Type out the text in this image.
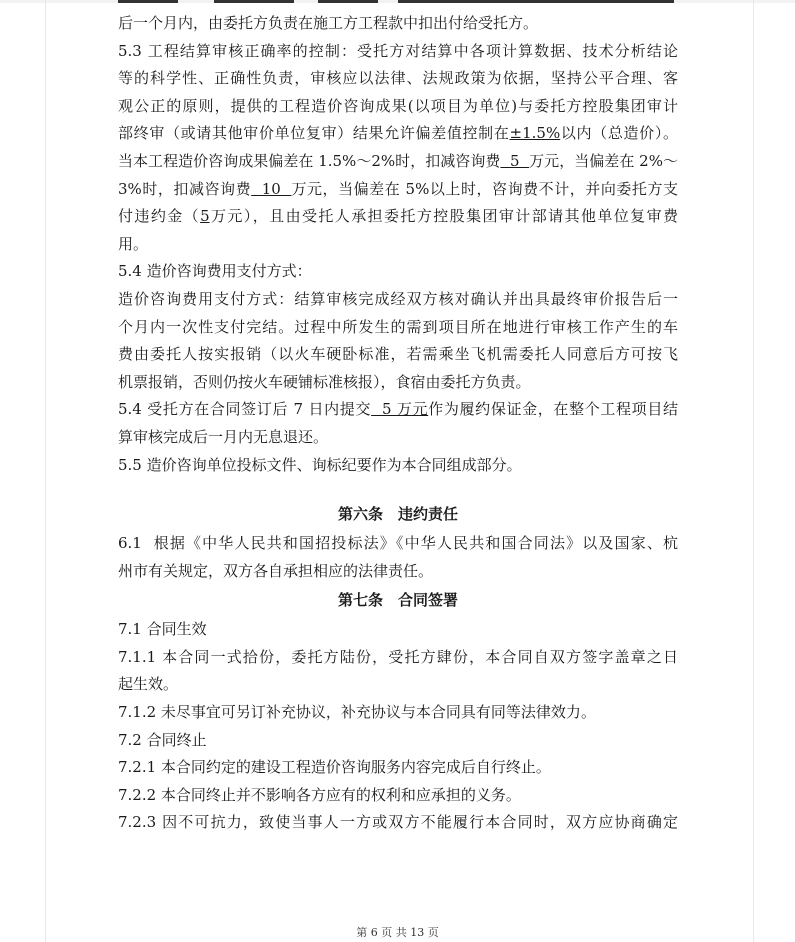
后一个月内，由委托方负责在施工方工程款中扣出付给受托方。
5.3 工程结算审核正确率的控制：受托方对结算中各项计算数据、技术分析结论
等的科学性、正确性负责，审核应以法律、法规政策为依据，坚持公平合理、客
观公正的原则，提供的工程造价咨询成果(以项目为单位)与委托方控股集团审计
部终审（或请其他审价单位复审）结果允许偏差值控制在±1.5%以内（总造价）。
当本工程造价咨询成果偏差在 1.5%～2%时，扣减咨询费  5  万元，当偏差在 2%～
3%时，扣减咨询费  10  万元，当偏差在 5%以上时，咨询费不计，并向委托方支
付违约金（5万元），且由受托人承担委托方控股集团审计部请其他单位复审费
用。
5.4 造价咨询费用支付方式：
造价咨询费用支付方式：结算审核完成经双方核对确认并出具最终审价报告后一
个月内一次性支付完结。过程中所发生的需到项目所在地进行审核工作产生的车
费由委托人按实报销（以火车硬卧标准，若需乘坐飞机需委托人同意后方可按飞
机票报销，否则仍按火车硬铺标准核报），食宿由委托方负责。
5.4 受托方在合同签订后 7 日内提交  5 万元作为履约保证金，在整个工程项目结
算审核完成后一月内无息退还。
5.5 造价咨询单位投标文件、询标纪要作为本合同组成部分。
第六条　违约责任
6.1  根据《中华人民共和国招投标法》《中华人民共和国合同法》以及国家、杭
州市有关规定，双方各自承担相应的法律责任。
第七条　合同签署
7.1 合同生效
7.1.1 本合同一式拾份，委托方陆份，受托方肆份，本合同自双方签字盖章之日
起生效。
7.1.2 未尽事宜可另订补充协议，补充协议与本合同具有同等法律效力。
7.2 合同终止
7.2.1 本合同约定的建设工程造价咨询服务内容完成后自行终止。
7.2.2 本合同终止并不影响各方应有的权利和应承担的义务。
7.2.3 因不可抗力，致使当事人一方或双方不能履行本合同时，双方应协商确定
第 6 页 共 13 页
